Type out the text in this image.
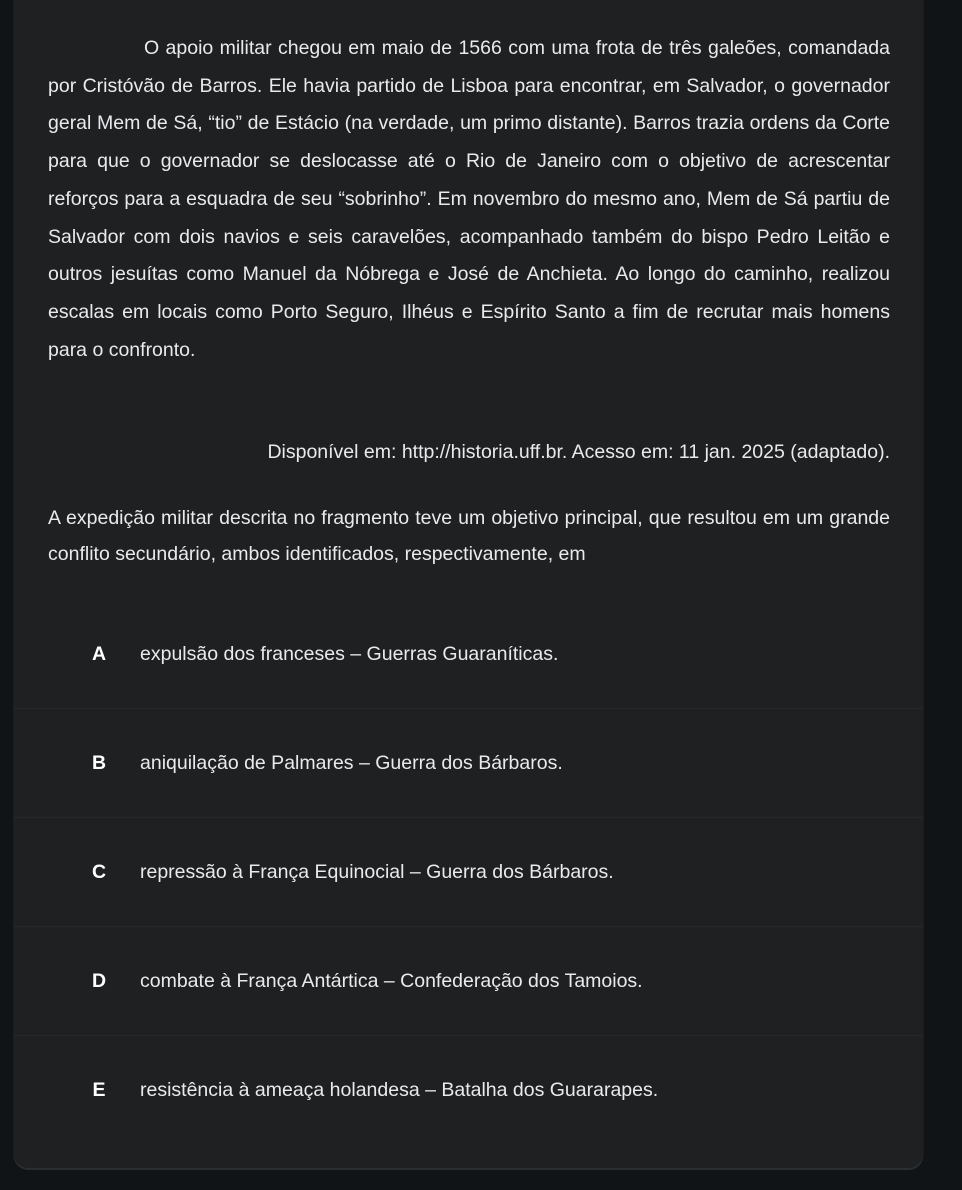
O apoio militar chegou em maio de 1566 com uma frota de três galeões, comandada por Cristóvão de Barros. Ele havia partido de Lisboa para encontrar, em Salvador, o governador geral Mem de Sá, “tio” de Estácio (na verdade, um primo distante). Barros trazia ordens da Corte para que o governador se deslocasse até o Rio de Janeiro com o objetivo de acrescentar reforços para a esquadra de seu “sobrinho”. Em novembro do mesmo ano, Mem de Sá partiu de Salvador com dois navios e seis caravelões, acompanhado também do bispo Pedro Leitão e outros jesuítas como Manuel da Nóbrega e José de Anchieta. Ao longo do caminho, realizou escalas em locais como Porto Seguro, Ilhéus e Espírito Santo a fim de recrutar mais homens para o confronto.

Disponível em: http://historia.uff.br. Acesso em: 11 jan. 2025 (adaptado).

A expedição militar descrita no fragmento teve um objetivo principal, que resultou em um grande conflito secundário, ambos identificados, respectivamente, em

A	expulsão dos franceses – Guerras Guaraníticas.
B	aniquilação de Palmares – Guerra dos Bárbaros.
C	repressão à França Equinocial – Guerra dos Bárbaros.
D	combate à França Antártica – Confederação dos Tamoios.
E	resistência à ameaça holandesa – Batalha dos Guararapes.
